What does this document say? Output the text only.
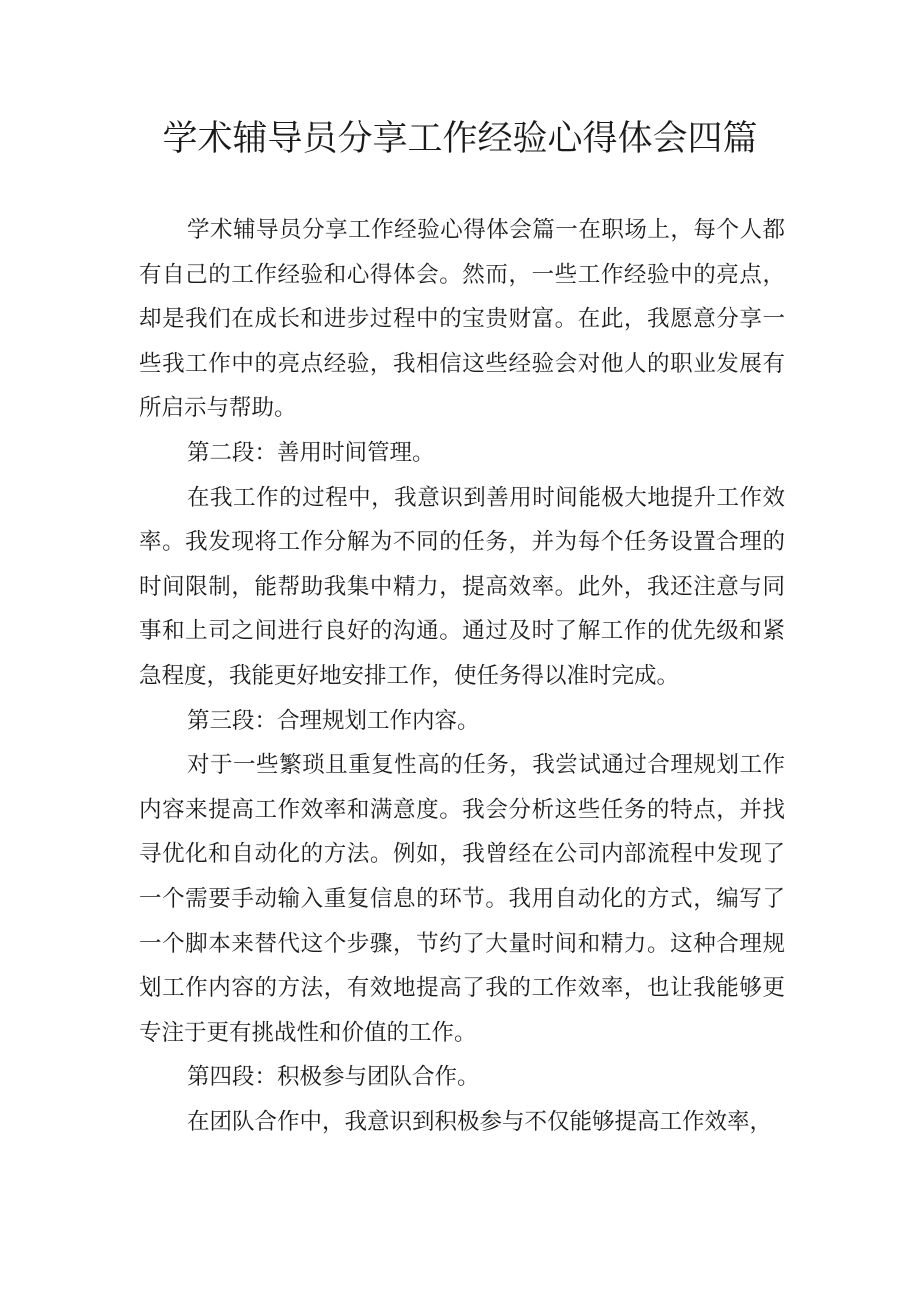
学术辅导员分享工作经验心得体会四篇

学术辅导员分享工作经验心得体会篇一在职场上，每个人都有自己的工作经验和心得体会。然而，一些工作经验中的亮点，却是我们在成长和进步过程中的宝贵财富。在此，我愿意分享一些我工作中的亮点经验，我相信这些经验会对他人的职业发展有所启示与帮助。

第二段：善用时间管理。

在我工作的过程中，我意识到善用时间能极大地提升工作效率。我发现将工作分解为不同的任务，并为每个任务设置合理的时间限制，能帮助我集中精力，提高效率。此外，我还注意与同事和上司之间进行良好的沟通。通过及时了解工作的优先级和紧急程度，我能更好地安排工作，使任务得以准时完成。

第三段：合理规划工作内容。

对于一些繁琐且重复性高的任务，我尝试通过合理规划工作内容来提高工作效率和满意度。我会分析这些任务的特点，并找寻优化和自动化的方法。例如，我曾经在公司内部流程中发现了一个需要手动输入重复信息的环节。我用自动化的方式，编写了一个脚本来替代这个步骤，节约了大量时间和精力。这种合理规划工作内容的方法，有效地提高了我的工作效率，也让我能够更专注于更有挑战性和价值的工作。

第四段：积极参与团队合作。

在团队合作中，我意识到积极参与不仅能够提高工作效率，
